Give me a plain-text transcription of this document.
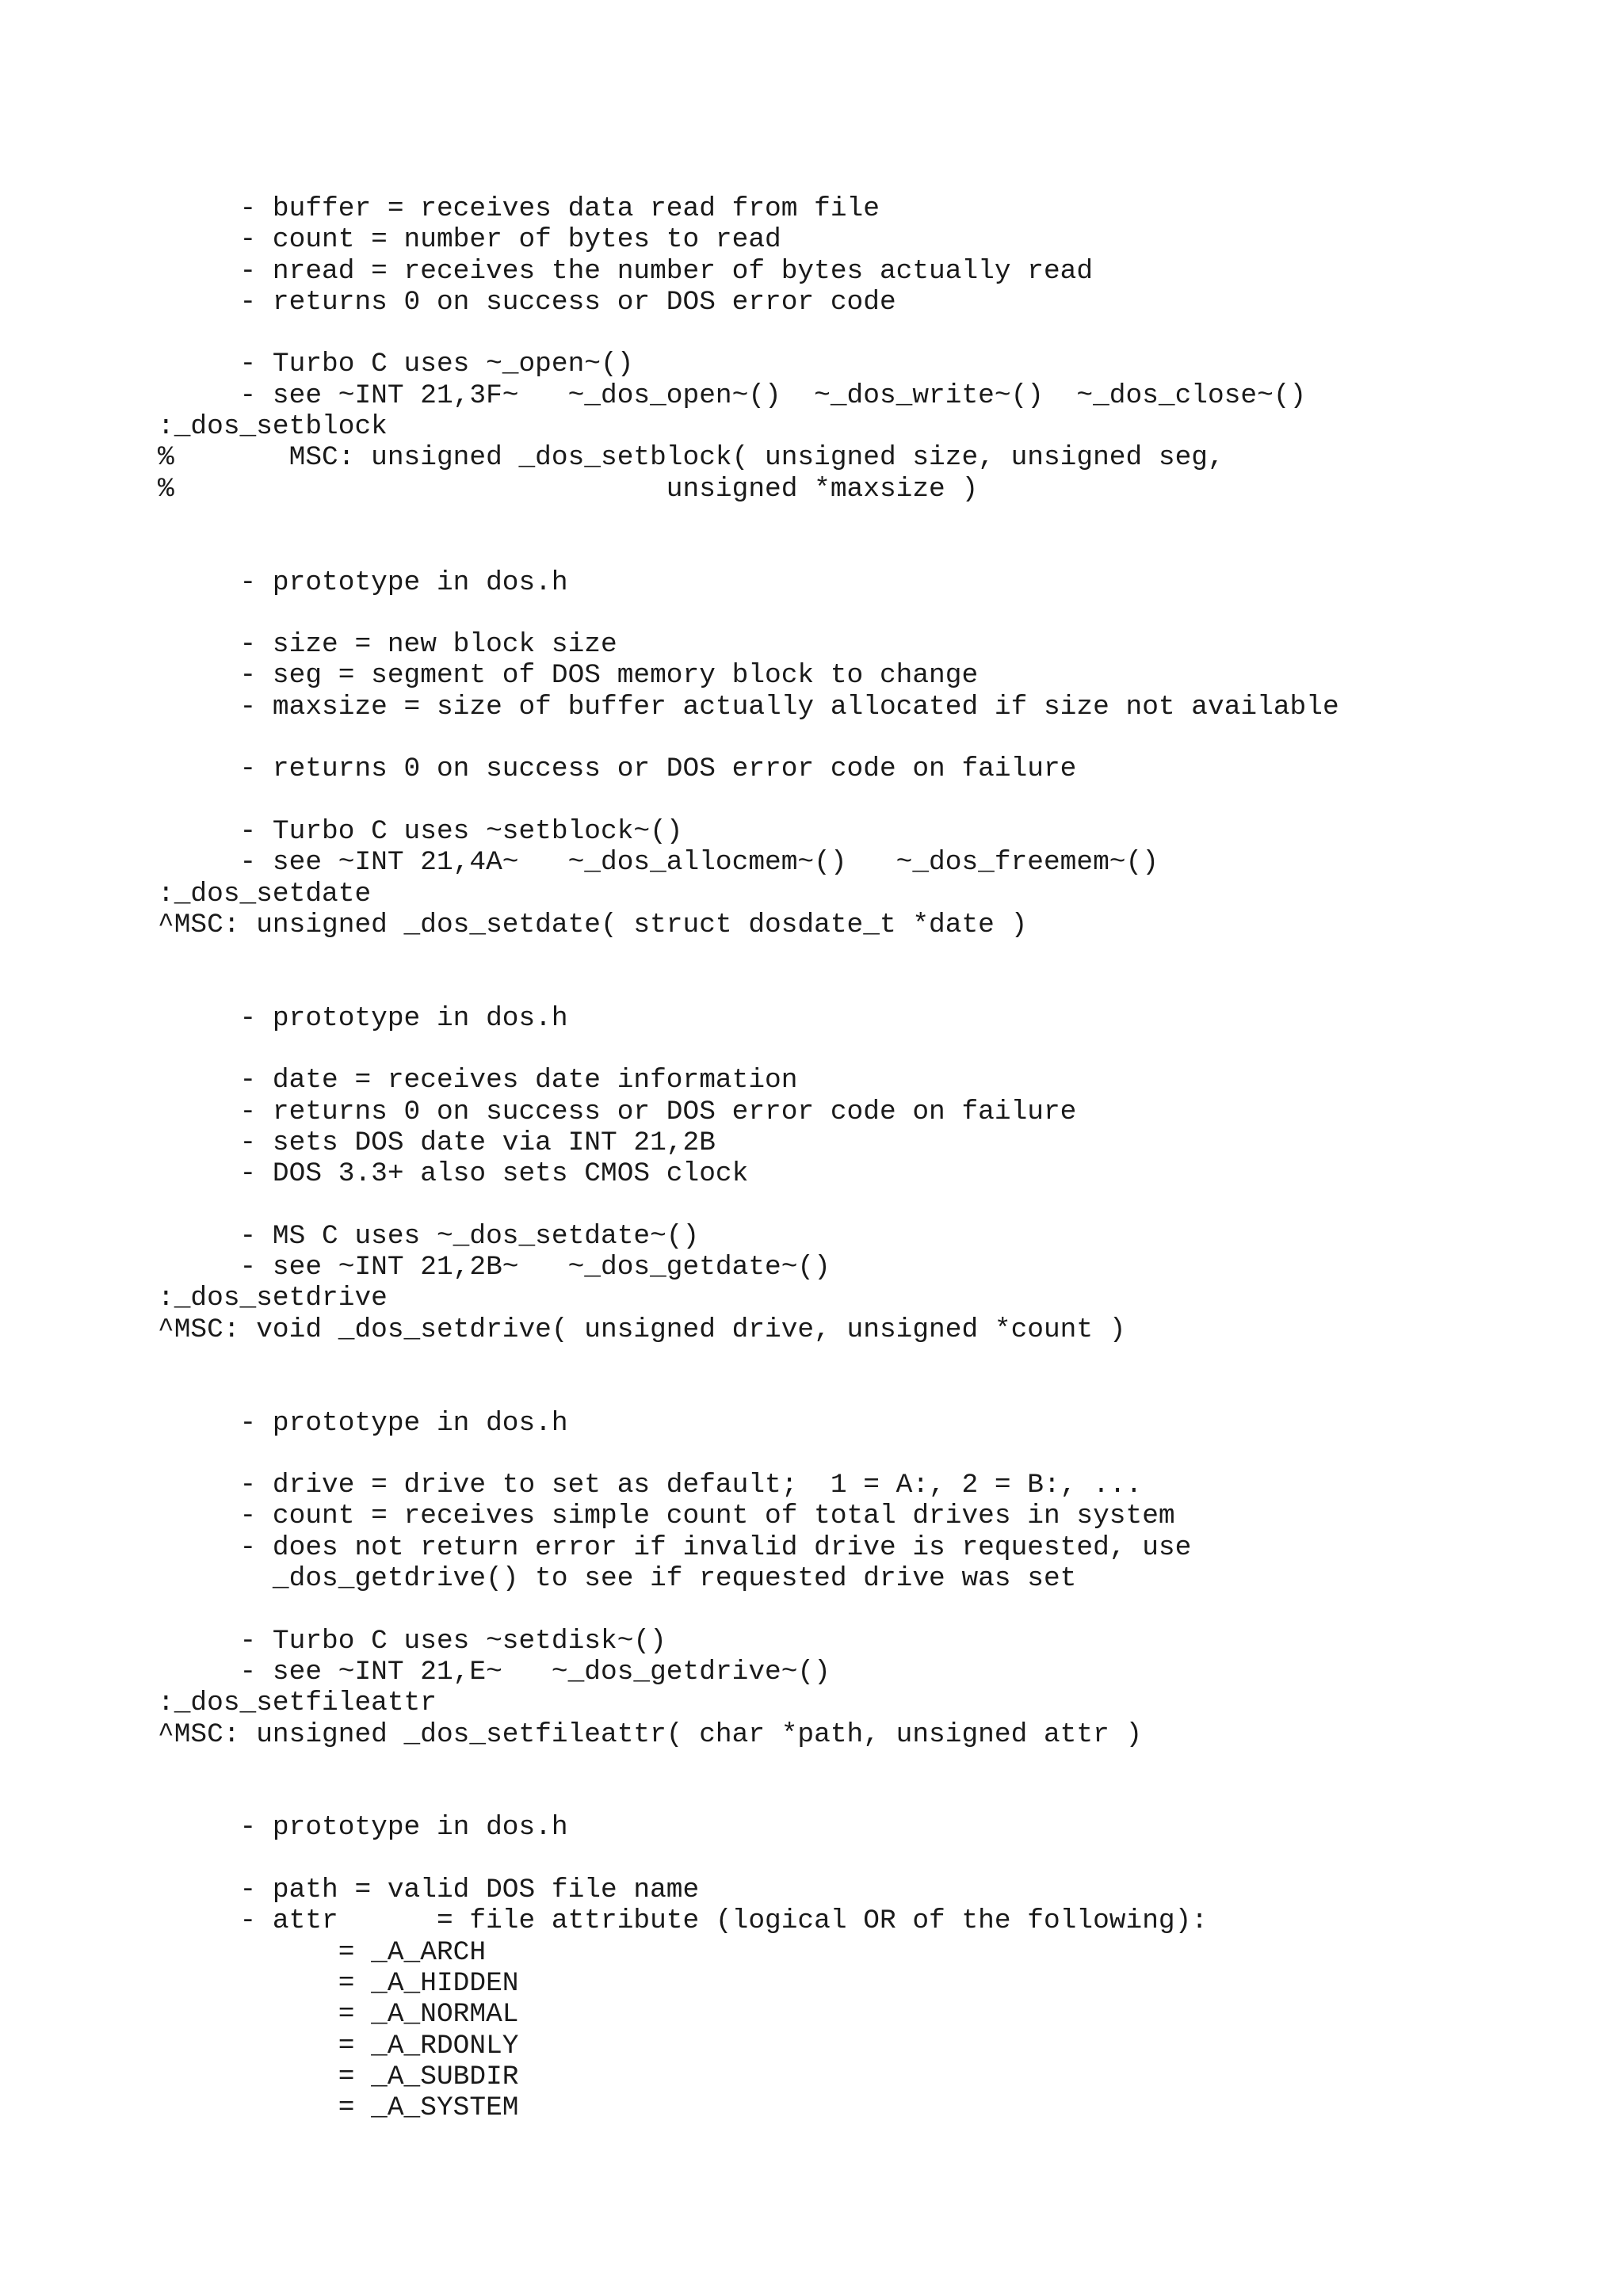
- buffer = receives data read from file
- count = number of bytes to read
- nread = receives the number of bytes actually read
- returns 0 on success or DOS error code
- Turbo C uses ~_open~()
- see ~INT 21,3F~   ~_dos_open~()  ~_dos_write~()  ~_dos_close~()
:_dos_setblock
%       MSC: unsigned _dos_setblock( unsigned size, unsigned seg,
%                              unsigned *maxsize )
- prototype in dos.h
- size = new block size
- seg = segment of DOS memory block to change
- maxsize = size of buffer actually allocated if size not available
- returns 0 on success or DOS error code on failure
- Turbo C uses ~setblock~()
- see ~INT 21,4A~   ~_dos_allocmem~()   ~_dos_freemem~()
:_dos_setdate
^MSC: unsigned _dos_setdate( struct dosdate_t *date )
- prototype in dos.h
- date = receives date information
- returns 0 on success or DOS error code on failure
- sets DOS date via INT 21,2B
- DOS 3.3+ also sets CMOS clock
- MS C uses ~_dos_setdate~()
- see ~INT 21,2B~   ~_dos_getdate~()
:_dos_setdrive
^MSC: void _dos_setdrive( unsigned drive, unsigned *count )
- prototype in dos.h
- drive = drive to set as default;  1 = A:, 2 = B:, ...
- count = receives simple count of total drives in system
- does not return error if invalid drive is requested, use
_dos_getdrive() to see if requested drive was set
- Turbo C uses ~setdisk~()
- see ~INT 21,E~   ~_dos_getdrive~()
:_dos_setfileattr
^MSC: unsigned _dos_setfileattr( char *path, unsigned attr )
- prototype in dos.h
- path = valid DOS file name
- attr      = file attribute (logical OR of the following):
= _A_ARCH
= _A_HIDDEN
= _A_NORMAL
= _A_RDONLY
= _A_SUBDIR
= _A_SYSTEM
